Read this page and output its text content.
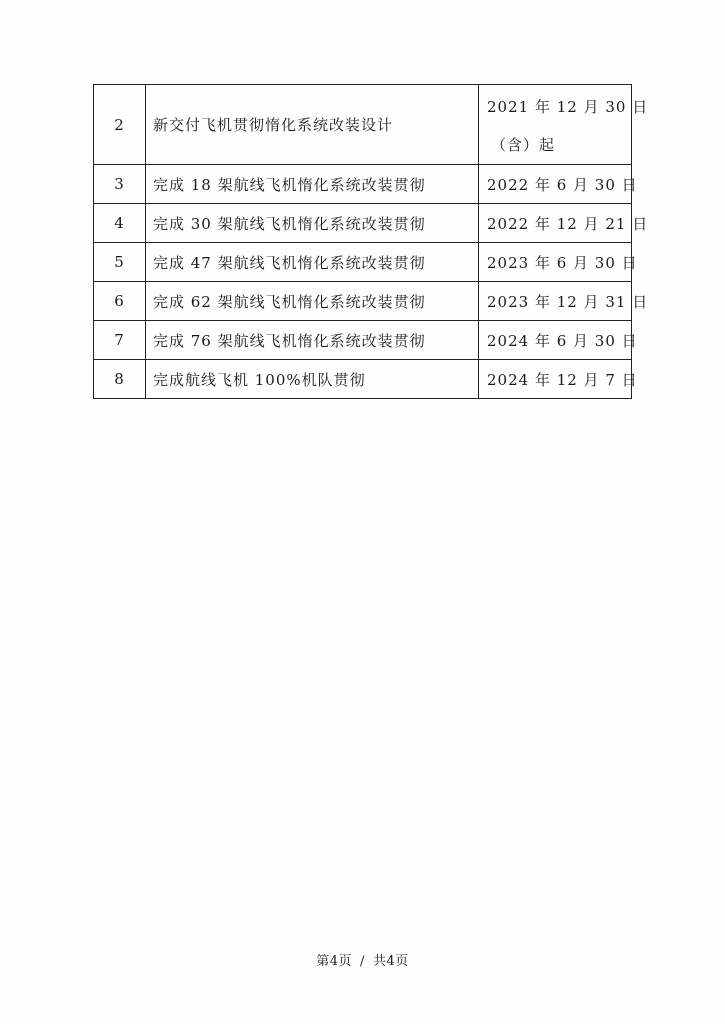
2	新交付飞机贯彻惰化系统改装设计	2021 年 12 月 30 日
（含）起

3	完成 18 架航线飞机惰化系统改装贯彻	2022 年 6 月 30 日
4	完成 30 架航线飞机惰化系统改装贯彻	2022 年 12 月 21 日
5	完成 47 架航线飞机惰化系统改装贯彻	2023 年 6 月 30 日
6	完成 62 架航线飞机惰化系统改装贯彻	2023 年 12 月 31 日
7	完成 76 架航线飞机惰化系统改装贯彻	2024 年 6 月 30 日
8	完成航线飞机 100%机队贯彻	2024 年 12 月 7 日
第4页 / 共4页
